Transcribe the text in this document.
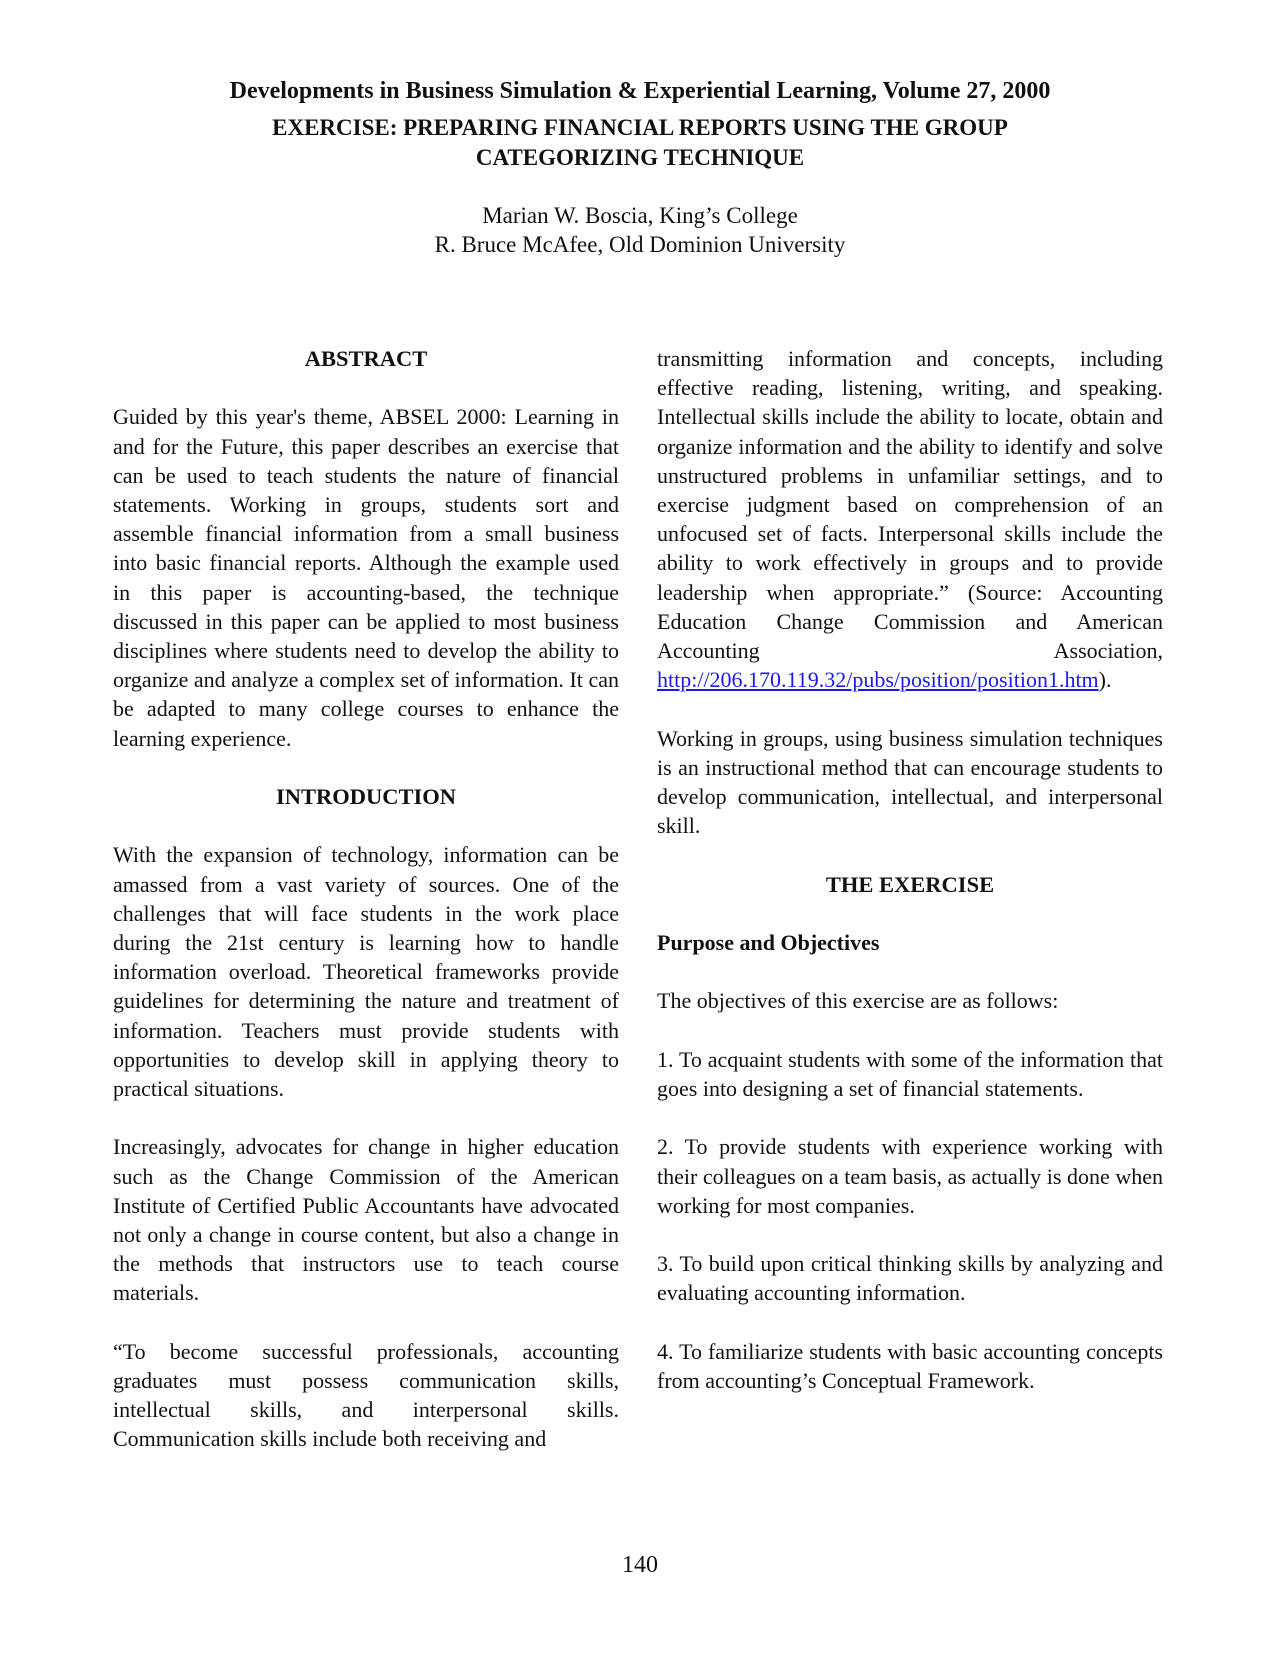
Developments in Business Simulation & Experiential Learning, Volume 27, 2000
EXERCISE: PREPARING FINANCIAL REPORTS USING THE GROUP
CATEGORIZING TECHNIQUE
Marian W. Boscia, King’s College
R. Bruce McAfee, Old Dominion University
ABSTRACT

Guided by this year's theme, ABSEL 2000: Learning in and for the Future, this paper describes an exercise that can be used to teach students the nature of financial statements. Working in groups, students sort and assemble financial information from a small business into basic financial reports. Although the example used in this paper is accounting-based, the technique discussed in this paper can be applied to most business disciplines where students need to develop the ability to organize and analyze a complex set of information. It can be adapted to many college courses to enhance the learning experience.

INTRODUCTION

With the expansion of technology, information can be amassed from a vast variety of sources. One of the challenges that will face students in the work place during the 21st century is learning how to handle information overload. Theoretical frameworks provide guidelines for determining the nature and treatment of information. Teachers must provide students with opportunities to develop skill in applying theory to practical situations.

Increasingly, advocates for change in higher education such as the Change Commission of the American Institute of Certified Public Accountants have advocated not only a change in course content, but also a change in the methods that instructors use to teach course materials.

“To become successful professionals, accounting graduates must possess communication skills, intellectual skills, and interpersonal skills. Communication skills include both receiving and

transmitting information and concepts, including effective reading, listening, writing, and speaking. Intellectual skills include the ability to locate, obtain and organize information and the ability to identify and solve unstructured problems in unfamiliar settings, and to exercise judgment based on comprehension of an unfocused set of facts. Interpersonal skills include the ability to work effectively in groups and to provide leadership when appropriate.” (Source: Accounting Education Change Commission and American Accounting Association, http://206.170.119.32/pubs/position/position1.htm).

Working in groups, using business simulation techniques is an instructional method that can encourage students to develop communication, intellectual, and interpersonal skill.

THE EXERCISE
Purpose and Objectives

The objectives of this exercise are as follows:

1. To acquaint students with some of the information that goes into designing a set of financial statements.

2. To provide students with experience working with their colleagues on a team basis, as actually is done when working for most companies.

3. To build upon critical thinking skills by analyzing and evaluating accounting information.

4. To familiarize students with basic accounting concepts from accounting’s Conceptual Framework.

140
